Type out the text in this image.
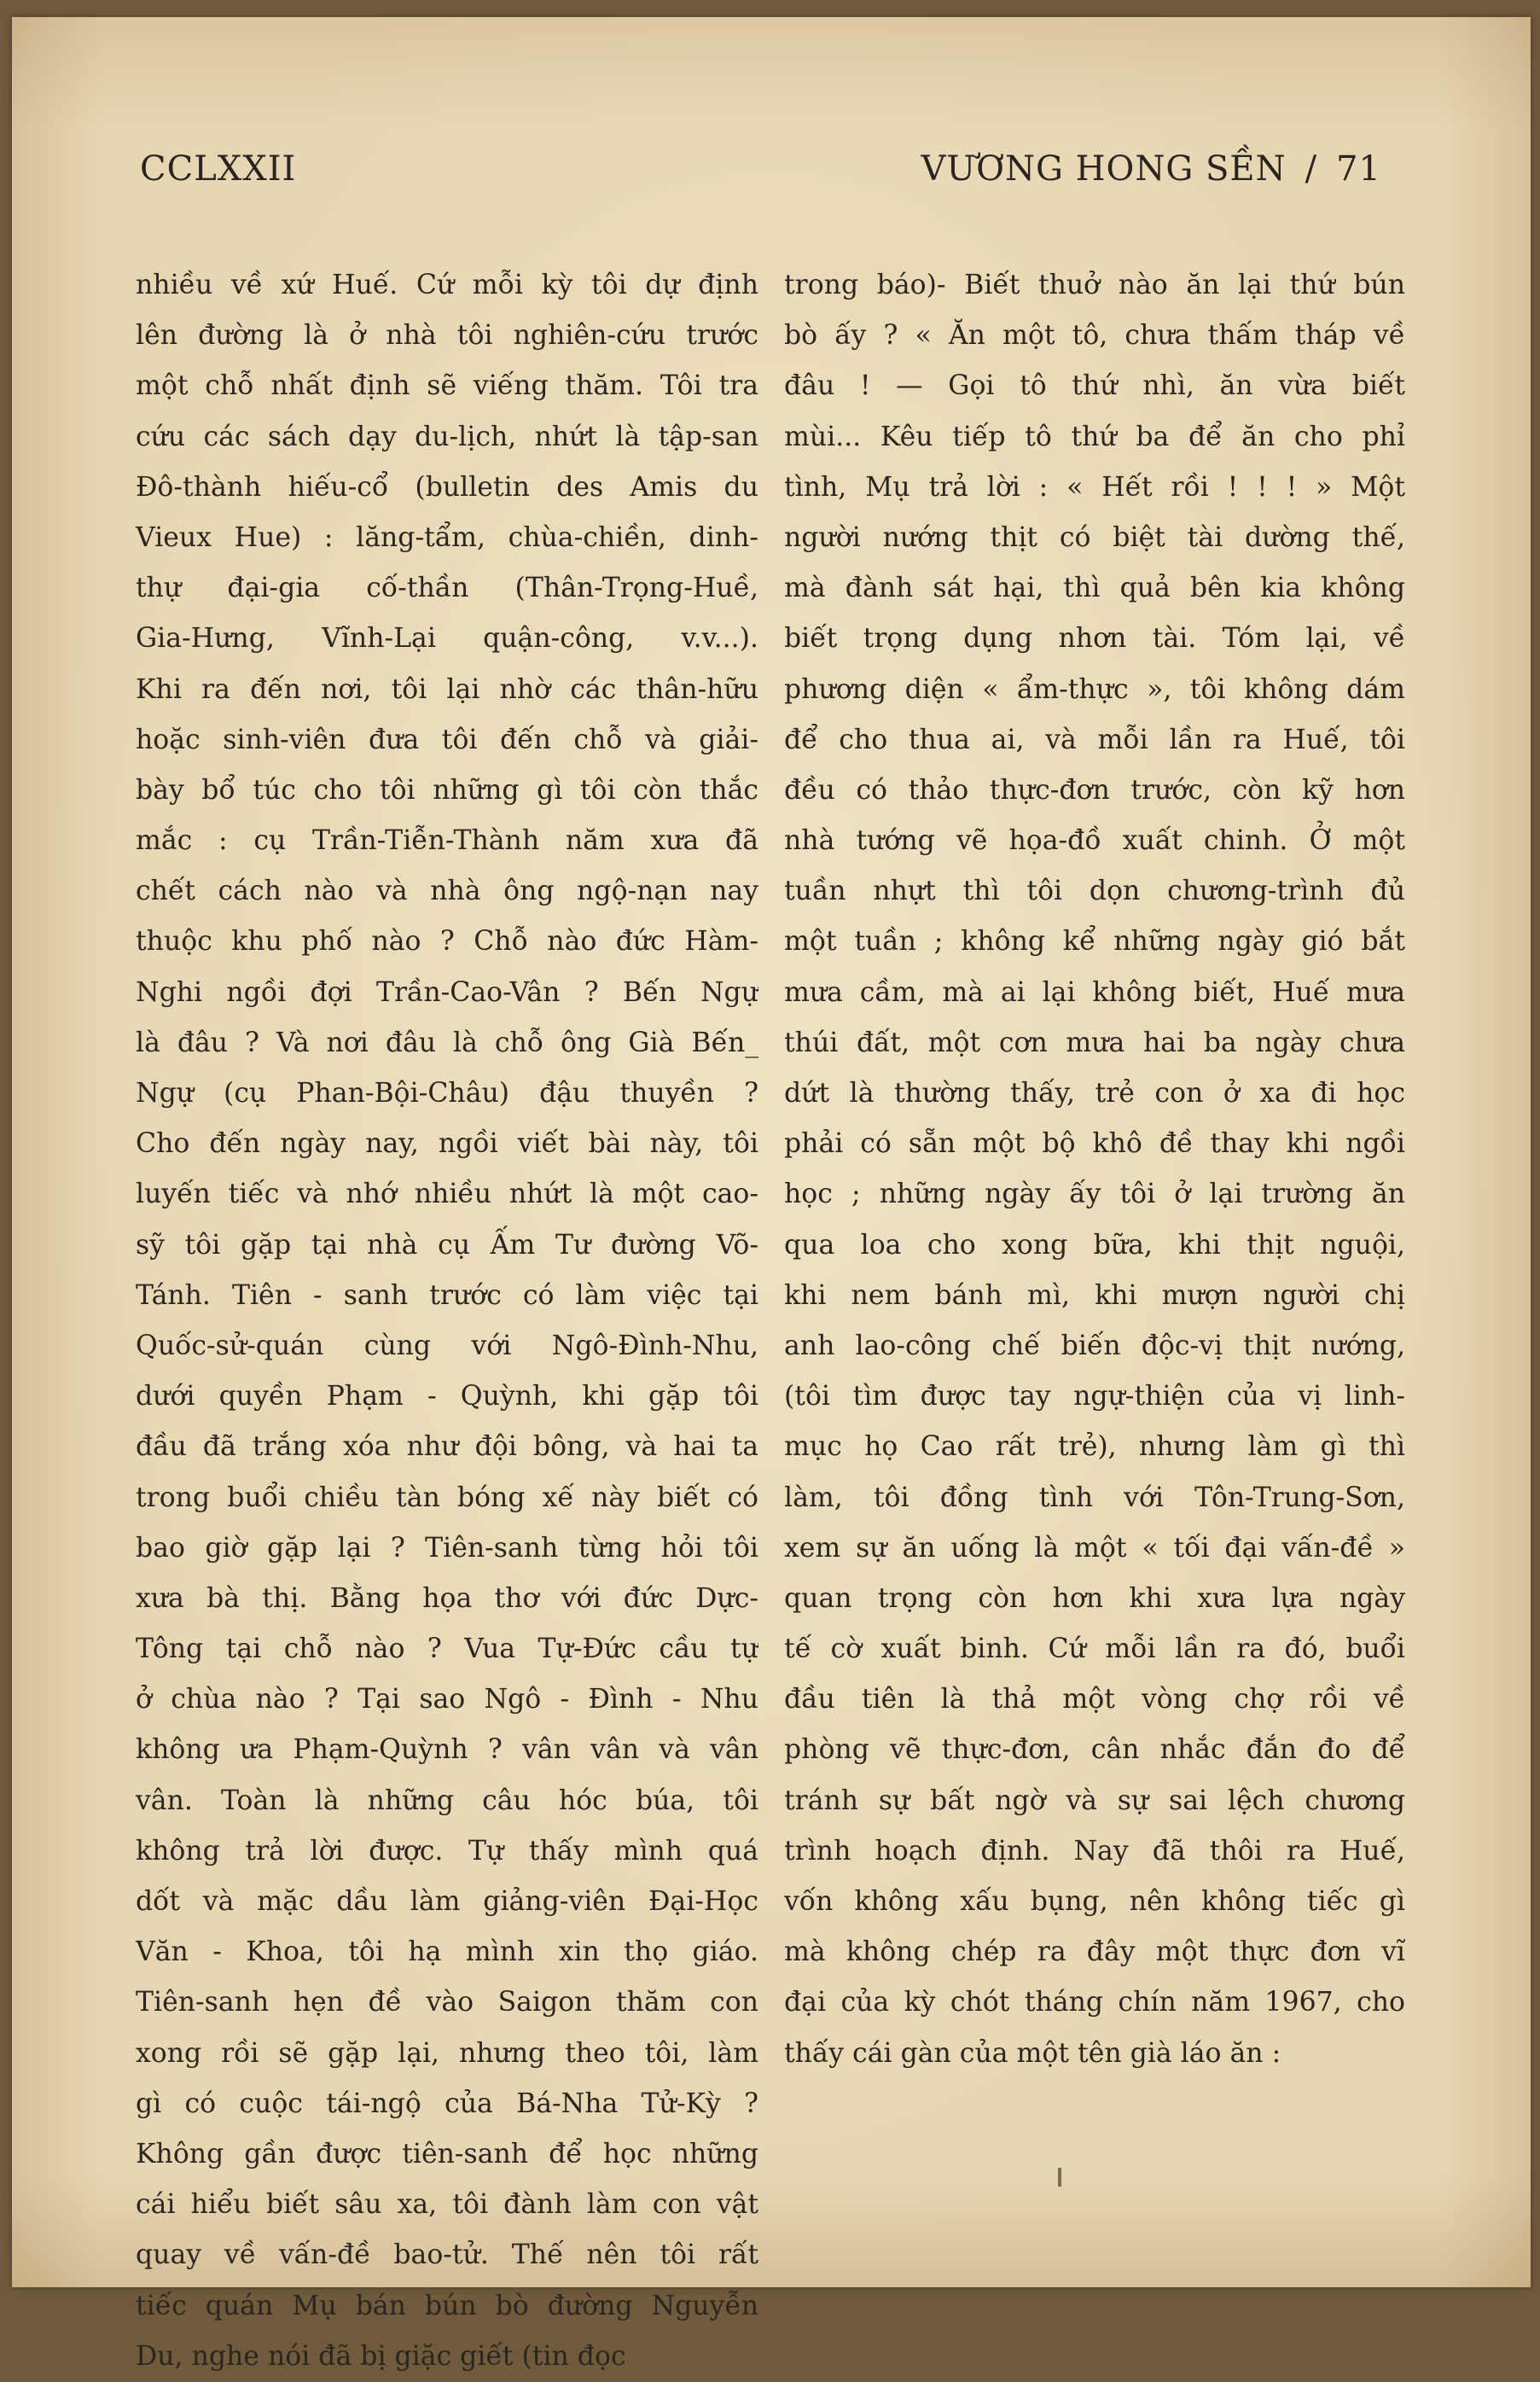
CCLXXII	VƯƠNG HONG SỀN / 71
nhiều về xứ Huế. Cứ mỗi kỳ tôi dự định
lên đường là ở nhà tôi nghiên-cứu trước
một chỗ nhất định sẽ viếng thăm. Tôi tra
cứu các sách dạy du-lịch, nhứt là tập-san
Đô-thành hiếu-cổ (bulletin des Amis du
Vieux Hue) : lăng-tẩm, chùa-chiền, dinh-
thự đại-gia cố-thần (Thân-Trọng-Huề,
Gia-Hưng, Vĩnh-Lại quận-công, v.v...).
Khi ra đến nơi, tôi lại nhờ các thân-hữu
hoặc sinh-viên đưa tôi đến chỗ và giải-
bày bổ túc cho tôi những gì tôi còn thắc
mắc : cụ Trần-Tiễn-Thành năm xưa đã
chết cách nào và nhà ông ngộ-nạn nay
thuộc khu phố nào ? Chỗ nào đức Hàm-
Nghi ngồi đợi Trần-Cao-Vân ? Bến Ngự
là đâu ? Và nơi đâu là chỗ ông Già Bến_
Ngự (cụ Phan-Bội-Châu) đậu thuyền ?
Cho đến ngày nay, ngồi viết bài này, tôi
luyến tiếc và nhớ nhiều nhứt là một cao-
sỹ tôi gặp tại nhà cụ Ấm Tư đường Võ-
Tánh. Tiên - sanh trước có làm việc tại
Quốc-sử-quán cùng với Ngô-Đình-Nhu,
dưới quyền Phạm - Quỳnh, khi gặp tôi
đầu đã trắng xóa như đội bông, và hai ta
trong buổi chiều tàn bóng xế này biết có
bao giờ gặp lại ? Tiên-sanh từng hỏi tôi
xưa bà thị. Bằng họa thơ với đức Dực-
Tông tại chỗ nào ? Vua Tự-Đức cầu tự
ở chùa nào ? Tại sao Ngô - Đình - Nhu
không ưa Phạm-Quỳnh ? vân vân và vân
vân. Toàn là những câu hóc búa, tôi
không trả lời được. Tự thấy mình quá
dốt và mặc dầu làm giảng-viên Đại-Học
Văn - Khoa, tôi hạ mình xin thọ giáo.
Tiên-sanh hẹn đề vào Saigon thăm con
xong rồi sẽ gặp lại, nhưng theo tôi, làm
gì có cuộc tái-ngộ của Bá-Nha Tử-Kỳ ?
Không gần được tiên-sanh để học những
cái hiểu biết sâu xa, tôi đành làm con vật
quay về vấn-đề bao-tử. Thế nên tôi rất
tiếc quán Mụ bán bún bò đường Nguyễn
Du, nghe nói đã bị giặc giết (tin đọc
trong báo)- Biết thuở nào ăn lại thứ bún
bò ấy ? « Ăn một tô, chưa thấm tháp về
đâu ! — Gọi tô thứ nhì, ăn vừa biết
mùi... Kêu tiếp tô thứ ba để ăn cho phỉ
tình, Mụ trả lời : « Hết rồi ! ! ! » Một
người nướng thịt có biệt tài dường thế,
mà đành sát hại, thì quả bên kia không
biết trọng dụng nhơn tài. Tóm lại, về
phương diện « ẩm-thực », tôi không dám
để cho thua ai, và mỗi lần ra Huế, tôi
đều có thảo thực-đơn trước, còn kỹ hơn
nhà tướng vẽ họa-đồ xuất chinh. Ở một
tuần nhựt thì tôi dọn chương-trình đủ
một tuần ; không kể những ngày gió bắt
mưa cầm, mà ai lại không biết, Huế mưa
thúi đất, một cơn mưa hai ba ngày chưa
dứt là thường thấy, trẻ con ở xa đi học
phải có sẵn một bộ khô đề thay khi ngồi
học ; những ngày ấy tôi ở lại trường ăn
qua loa cho xong bữa, khi thịt nguội,
khi nem bánh mì, khi mượn người chị
anh lao-công chế biến độc-vị thịt nướng,
(tôi tìm được tay ngự-thiện của vị linh-
mục họ Cao rất trẻ), nhưng làm gì thì
làm, tôi đồng tình với Tôn-Trung-Sơn,
xem sự ăn uống là một « tối đại vấn-đề »
quan trọng còn hơn khi xưa lựa ngày
tế cờ xuất binh. Cứ mỗi lần ra đó, buổi
đầu tiên là thả một vòng chợ rồi về
phòng vẽ thực-đơn, cân nhắc đắn đo để
tránh sự bất ngờ và sự sai lệch chương
trình hoạch định. Nay đã thôi ra Huế,
vốn không xấu bụng, nên không tiếc gì
mà không chép ra đây một thực đơn vĩ
đại của kỳ chót tháng chín năm 1967, cho
thấy cái gàn của một tên già láo ăn :
